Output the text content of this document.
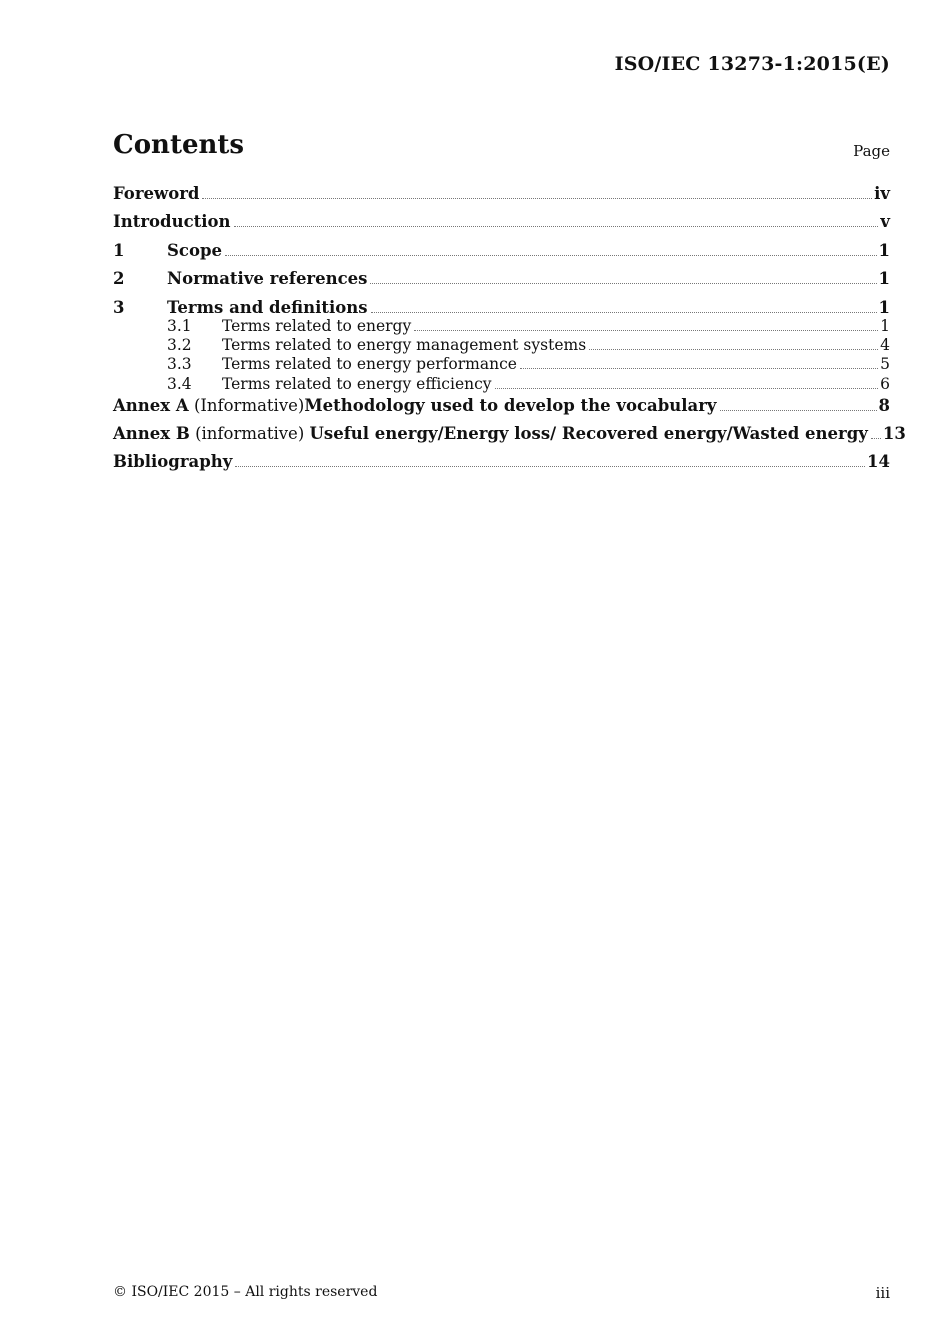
ISO/IEC 13273-1:2015(E)
Contents	Page
Foreword	iv
Introduction	v
1	Scope	1
2	Normative references	1
3	Terms and definitions	1
3.1	Terms related to energy	1
3.2	Terms related to energy management systems	4
3.3	Terms related to energy performance	5
3.4	Terms related to energy efficiency	6
Annex A (Informative)Methodology used to develop the vocabulary	8
Annex B (informative) Useful energy/Energy loss/ Recovered energy/Wasted energy 13
Bibliography	14
© ISO/IEC 2015 – All rights reserved	iii
